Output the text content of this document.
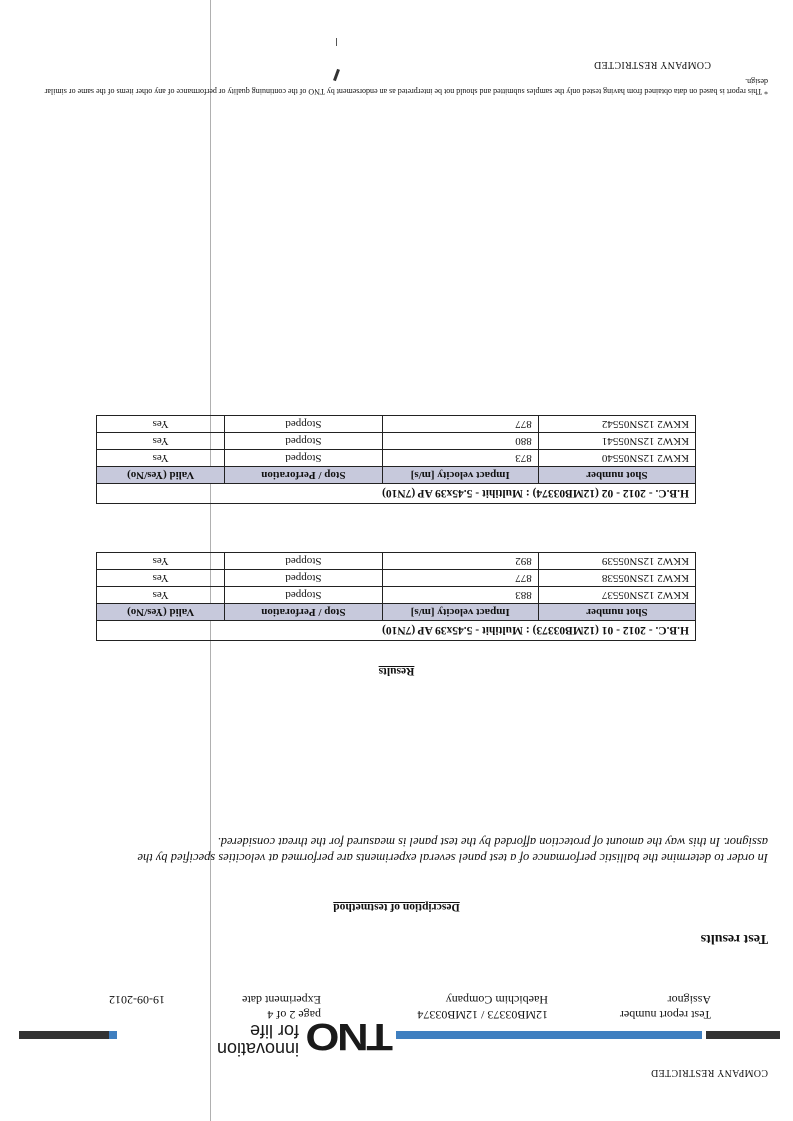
COMPANY RESTRICTED
TNO
innovation
for life
Test report number
12MB03373 / 12MB03374
page 2 of 4
Assignor
Haebichim Company
Experiment date
19-09-2012
Test results
Description of testmethod
In order to determine the ballistic performance of a test panel several experiments are performed at velocities specified by the assignor. In this way the amount of protection afforded by the test panel is measured for the threat considered.
Results
H.B.C. - 2012 - 01 (12MB03373) : Multihit - 5.45x39 AP (7N10)			
Shot number	Impact velocity [m/s]	Stop / Perforation	Valid (Yes/No)
KKW2 12SN05537	883	Stopped	Yes
KKW2 12SN05538	877	Stopped	Yes
KKW2 12SN05539	892	Stopped	Yes
H.B.C. - 2012 - 02 (12MB03374) : Multihit - 5.45x39 AP (7N10)			
Shot number	Impact velocity [m/s]	Stop / Perforation	Valid (Yes/No)
KKW2 12SN05540	873	Stopped	Yes
KKW2 12SN05541	880	Stopped	Yes
KKW2 12SN05542	877	Stopped	Yes
* This report is based on data obtained from having tested only the samples submitted and should not be interpreted as an endorsement by TNO of the continuing quality or performance of any other items of the same or similar design.
COMPANY RESTRICTED
